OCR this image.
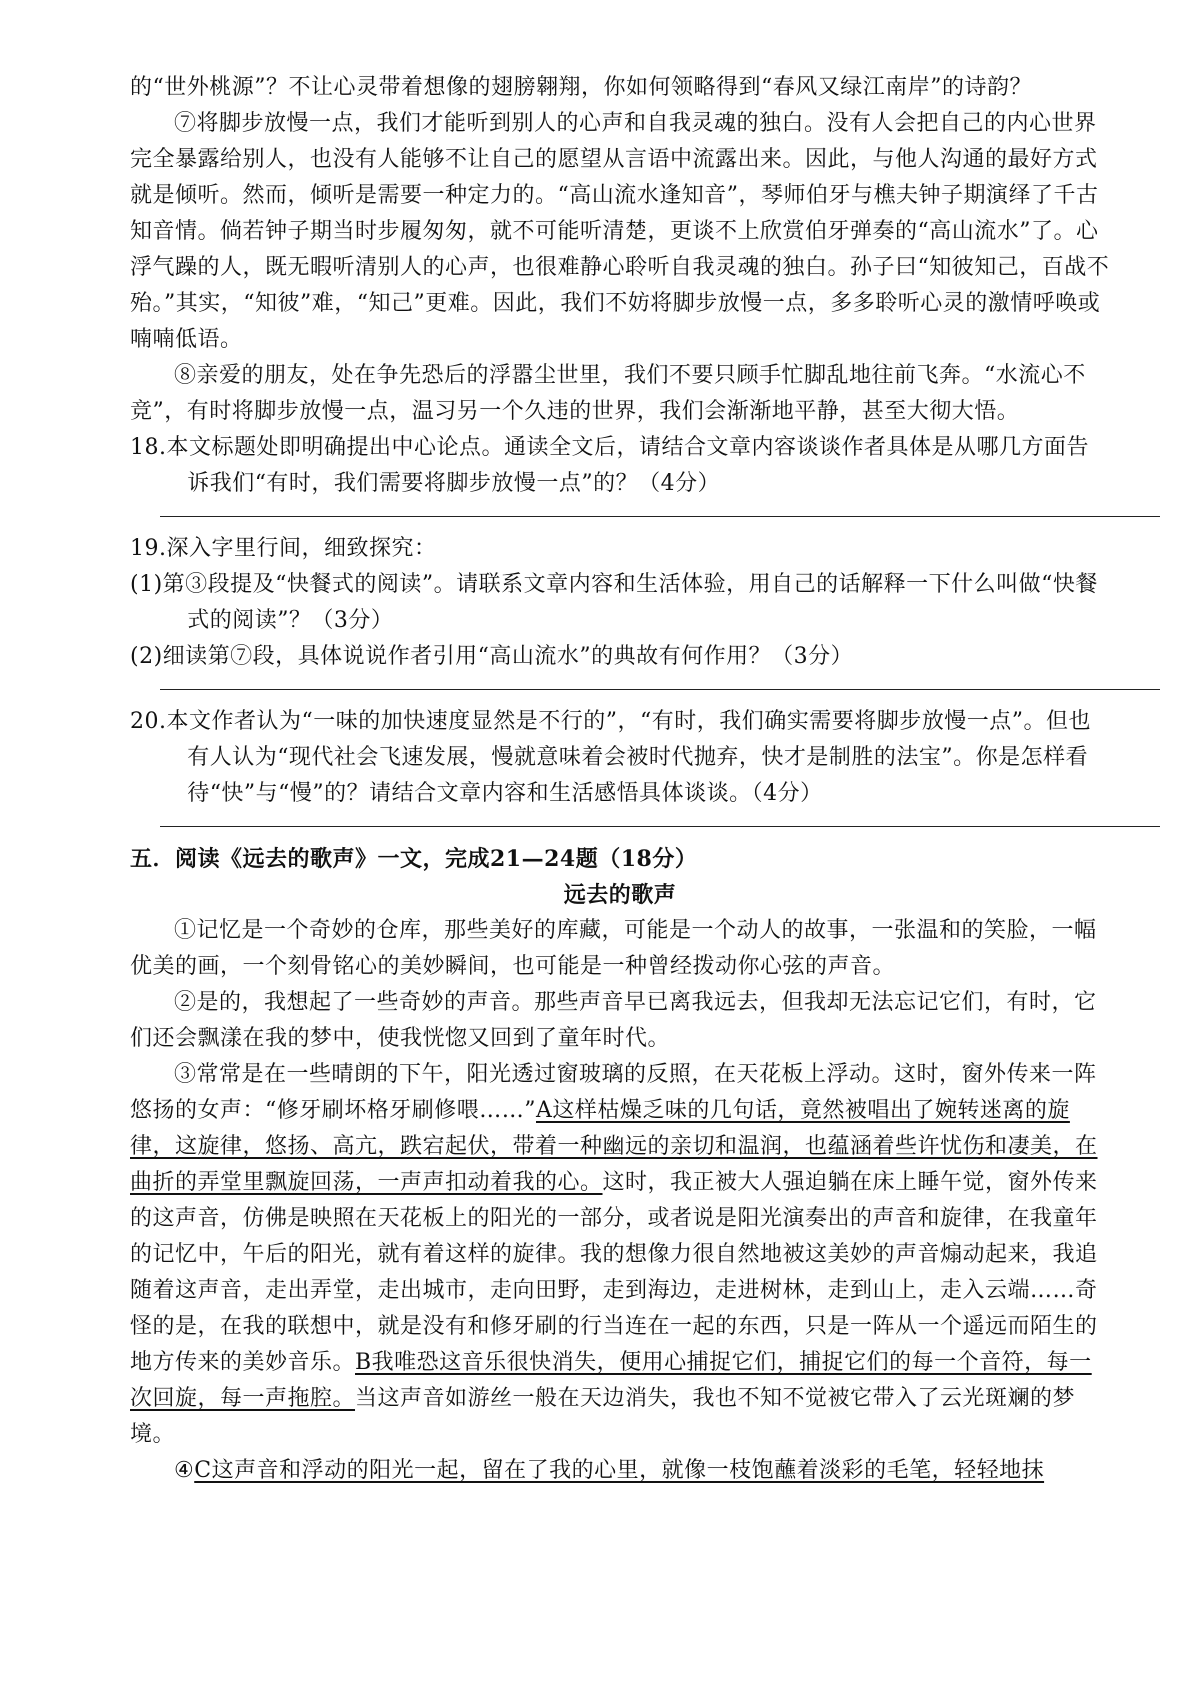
的“世外桃源”？不让心灵带着想像的翅膀翱翔，你如何领略得到“春风又绿江南岸”的诗韵？

⑦将脚步放慢一点，我们才能听到别人的心声和自我灵魂的独白。没有人会把自己的内心世界完全暴露给别人，也没有人能够不让自己的愿望从言语中流露出来。因此，与他人沟通的最好方式就是倾听。然而，倾听是需要一种定力的。“高山流水逢知音”，琴师伯牙与樵夫钟子期演绎了千古知音情。倘若钟子期当时步履匆匆，就不可能听清楚，更谈不上欣赏伯牙弹奏的“高山流水”了。心浮气躁的人，既无暇听清别人的心声，也很难静心聆听自我灵魂的独白。孙子曰“知彼知己，百战不殆。”其实，“知彼”难，“知己”更难。因此，我们不妨将脚步放慢一点，多多聆听心灵的激情呼唤或喃喃低语。

⑧亲爱的朋友，处在争先恐后的浮嚣尘世里，我们不要只顾手忙脚乱地往前飞奔。“水流心不竞”，有时将脚步放慢一点，温习另一个久违的世界，我们会渐渐地平静，甚至大彻大悟。

18.本文标题处即明确提出中心论点。通读全文后，请结合文章内容谈谈作者具体是从哪几方面告诉我们“有时，我们需要将脚步放慢一点”的？（4分）

19.深入字里行间，细致探究：

(1)第③段提及“快餐式的阅读”。请联系文章内容和生活体验，用自己的话解释一下什么叫做“快餐式的阅读”？（3分）

(2)细读第⑦段，具体说说作者引用“高山流水”的典故有何作用？（3分）

20.本文作者认为“一味的加快速度显然是不行的”，“有时，我们确实需要将脚步放慢一点”。但也有人认为“现代社会飞速发展，慢就意味着会被时代抛弃，快才是制胜的法宝”。你是怎样看待“快”与“慢”的？请结合文章内容和生活感悟具体谈谈。（4分）

五．阅读《远去的歌声》一文，完成21—24题（18分）

远去的歌声

①记忆是一个奇妙的仓库，那些美好的库藏，可能是一个动人的故事，一张温和的笑脸，一幅优美的画，一个刻骨铭心的美妙瞬间，也可能是一种曾经拨动你心弦的声音。

②是的，我想起了一些奇妙的声音。那些声音早已离我远去，但我却无法忘记它们，有时，它们还会飘漾在我的梦中，使我恍惚又回到了童年时代。

③常常是在一些晴朗的下午，阳光透过窗玻璃的反照，在天花板上浮动。这时，窗外传来一阵悠扬的女声：“修牙刷坏格牙刷修喂……”A这样枯燥乏味的几句话，竟然被唱出了婉转迷离的旋律，这旋律，悠扬、高亢，跌宕起伏，带着一种幽远的亲切和温润，也蕴涵着些许忧伤和凄美，在曲折的弄堂里飘旋回荡，一声声扣动着我的心。这时，我正被大人强迫躺在床上睡午觉，窗外传来的这声音，仿佛是映照在天花板上的阳光的一部分，或者说是阳光演奏出的声音和旋律，在我童年的记忆中，午后的阳光，就有着这样的旋律。我的想像力很自然地被这美妙的声音煽动起来，我追随着这声音，走出弄堂，走出城市，走向田野，走到海边，走进树林，走到山上，走入云端……奇怪的是，在我的联想中，就是没有和修牙刷的行当连在一起的东西，只是一阵从一个遥远而陌生的地方传来的美妙音乐。B我唯恐这音乐很快消失，便用心捕捉它们，捕捉它们的每一个音符，每一次回旋，每一声拖腔。当这声音如游丝一般在天边消失，我也不知不觉被它带入了云光斑斓的梦境。

④C这声音和浮动的阳光一起，留在了我的心里，就像一枝饱蘸着淡彩的毛笔，轻轻地抹
